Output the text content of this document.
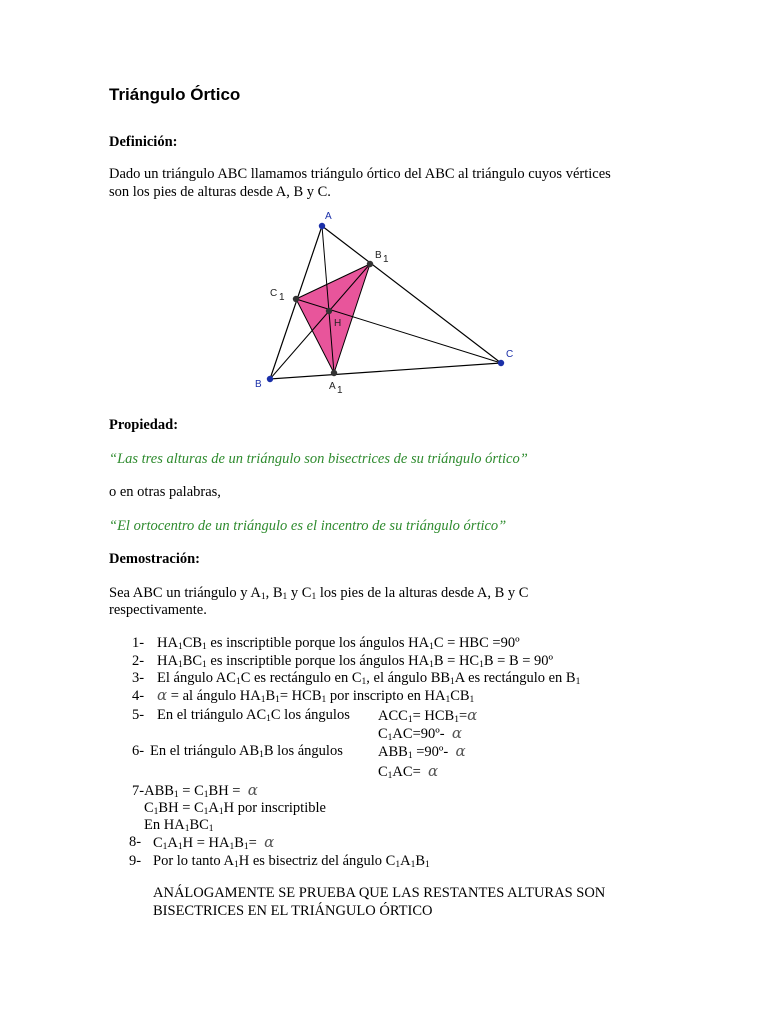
Triángulo Órtico
Definición:
Dado un triángulo ABC llamamos triángulo órtico del ABC al triángulo cuyos vértices
son los pies de alturas desde A, B y C.
A
B
C
B 1
C 1
A 1
H
Propiedad:
“Las tres alturas de un triángulo son bisectrices de su triángulo órtico”
o en otras palabras,
“El ortocentro de un triángulo es el incentro de su triángulo órtico”
Demostración:
Sea ABC un triángulo y $A_1$, $B_1$ y $C_1$ los pies de la alturas desde A, B y C
respectivamente.
1- $HA_1CB_1$ es inscriptible porque los ángulos $HA_1C$ = HBC =90º
2- $HA_1BC_1$ es inscriptible porque los ángulos $HA_1B = HC_1B = B$ = 90º
3- El ángulo $AC_1C$ es rectángulo en $C_1$, el ángulo $BB_1A$ es rectángulo en $B_1$
4- α = al ángulo $HA_1B_1= HCB_1$ por inscripto en $HA_1CB_1$
5- En el triángulo $AC_1C$ los ángulos $ACC_1= HCB_1=\alpha$
$C_1AC=90º-$ α
6- En el triángulo $AB_1B$ los ángulos $ABB_1$ =90º- α
$C_1AC= \alpha$
$7-ABB_1 = C_1BH = \alpha$
$C_1BH = C_1A_1H$ por inscriptible
En $HA_1BC_1$
8- $C_1A_1H = HA_1B_1= \alpha$
9- Por lo tanto $A_1H$ es bisectriz del ángulo $C_1A_1B_1$
ANÁLOGAMENTE SE PRUEBA QUE LAS RESTANTES ALTURAS SON
BISECTRICES EN EL TRIÁNGULO ÓRTICO
